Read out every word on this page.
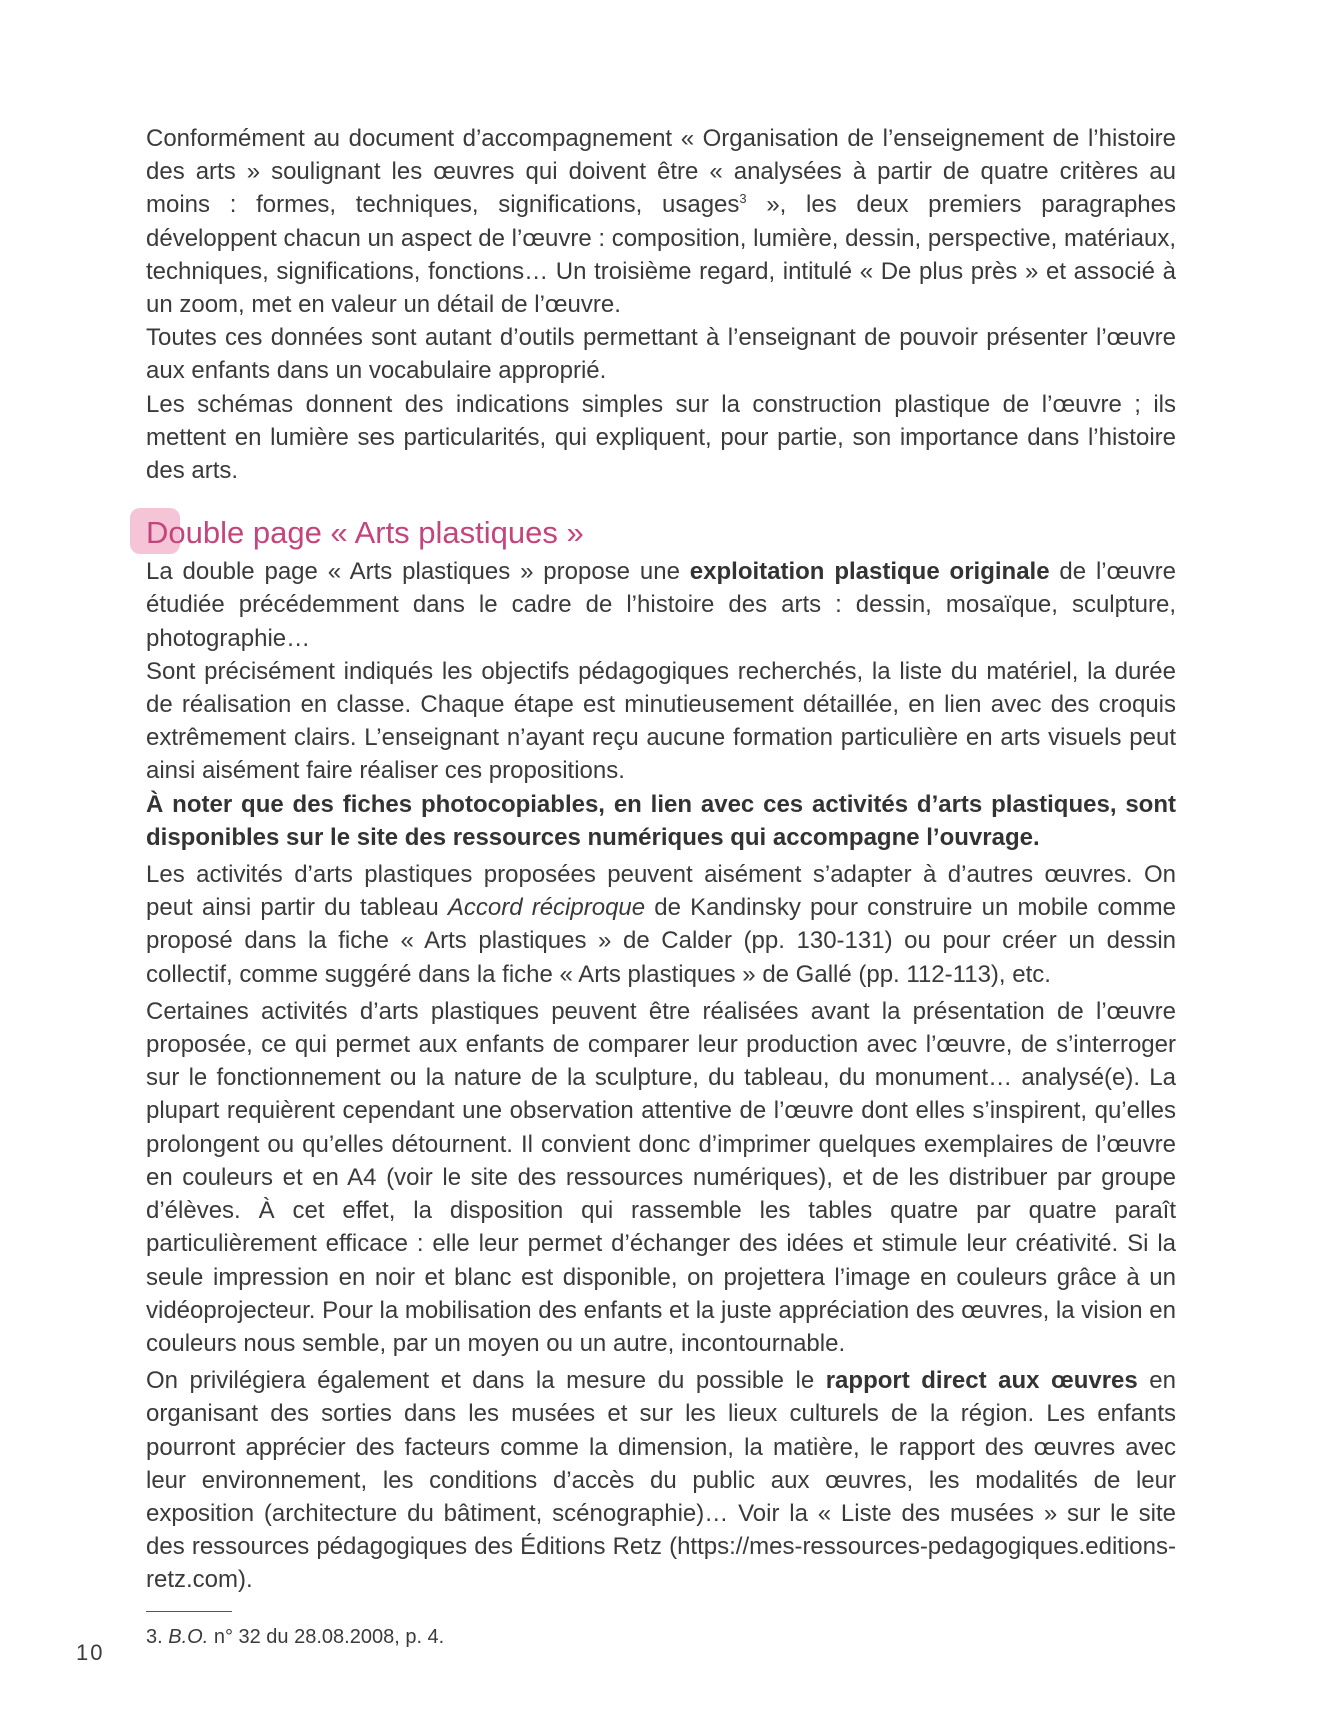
Conformément au document d’accompagnement « Organisation de l’enseignement de l’histoire des arts » soulignant les œuvres qui doivent être « analysées à partir de quatre critères au moins : formes, techniques, significations, usages$^3$ », les deux premiers paragraphes développent chacun un aspect de l’œuvre : composition, lumière, dessin, perspective, matériaux, techniques, significations, fonctions… Un troisième regard, intitulé « De plus près » et associé à un zoom, met en valeur un détail de l’œuvre.

Toutes ces données sont autant d’outils permettant à l’enseignant de pouvoir présenter l’œuvre aux enfants dans un vocabulaire approprié.

Les schémas donnent des indications simples sur la construction plastique de l’œuvre ; ils mettent en lumière ses particularités, qui expliquent, pour partie, son importance dans l’histoire des arts.

Double page « Arts plastiques »

La double page « Arts plastiques » propose une exploitation plastique originale de l’œuvre étudiée précédemment dans le cadre de l’histoire des arts : dessin, mosaïque, sculpture, photographie…

Sont précisément indiqués les objectifs pédagogiques recherchés, la liste du matériel, la durée de réalisation en classe. Chaque étape est minutieusement détaillée, en lien avec des croquis extrêmement clairs. L’enseignant n’ayant reçu aucune formation particulière en arts visuels peut ainsi aisément faire réaliser ces propositions.

À noter que des fiches photocopiables, en lien avec ces activités d’arts plastiques, sont disponibles sur le site des ressources numériques qui accompagne l’ouvrage.

Les activités d’arts plastiques proposées peuvent aisément s’adapter à d’autres œuvres. On peut ainsi partir du tableau Accord réciproque de Kandinsky pour construire un mobile comme proposé dans la fiche « Arts plastiques » de Calder (pp. 130-131) ou pour créer un dessin collectif, comme suggéré dans la fiche « Arts plastiques » de Gallé (pp. 112-113), etc.

Certaines activités d’arts plastiques peuvent être réalisées avant la présentation de l’œuvre proposée, ce qui permet aux enfants de comparer leur production avec l’œuvre, de s’interroger sur le fonctionnement ou la nature de la sculpture, du tableau, du monument… analysé(e). La plupart requièrent cependant une observation attentive de l’œuvre dont elles s’inspirent, qu’elles prolongent ou qu’elles détournent. Il convient donc d’imprimer quelques exemplaires de l’œuvre en couleurs et en A4 (voir le site des ressources numériques), et de les distribuer par groupe d’élèves. À cet effet, la disposition qui rassemble les tables quatre par quatre paraît particulièrement efficace : elle leur permet d’échanger des idées et stimule leur créativité. Si la seule impression en noir et blanc est disponible, on projettera l’image en couleurs grâce à un vidéoprojecteur. Pour la mobilisation des enfants et la juste appréciation des œuvres, la vision en couleurs nous semble, par un moyen ou un autre, incontournable.

On privilégiera également et dans la mesure du possible le rapport direct aux œuvres en organisant des sorties dans les musées et sur les lieux culturels de la région. Les enfants pourront apprécier des facteurs comme la dimension, la matière, le rapport des œuvres avec leur environnement, les conditions d’accès du public aux œuvres, les modalités de leur exposition (architecture du bâtiment, scénographie)… Voir la « Liste des musées » sur le site des ressources pédagogiques des Éditions Retz (https://mes-ressources-pedagogiques.editions-retz.com).

3. B.O. n° 32 du 28.08.2008, p. 4.

10
